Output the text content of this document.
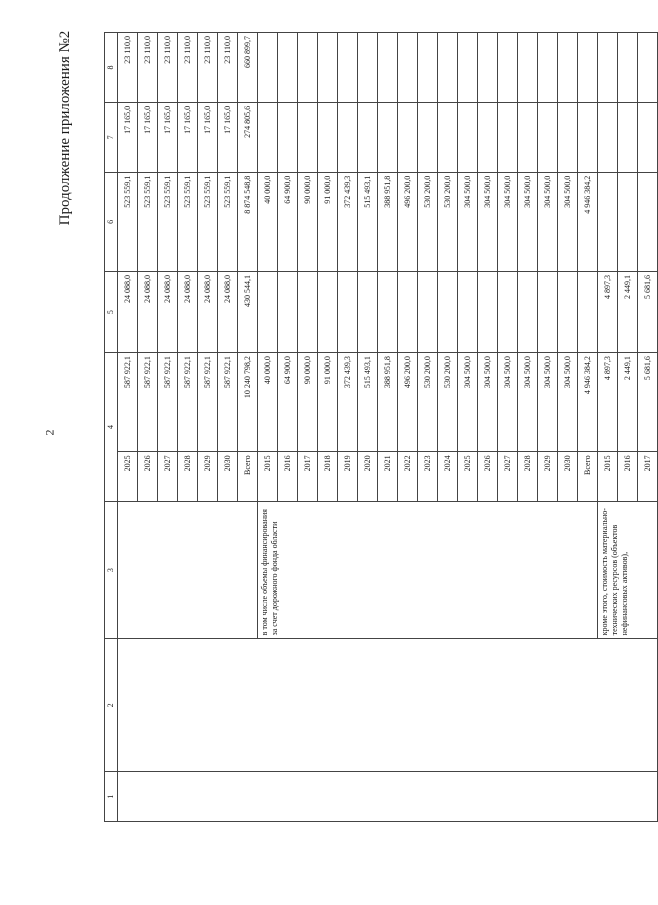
2
Продолжение приложения №2
1	2	3	4		5	6	7	8
			2025	587 922,1	24 088,0	523 559,1	17 165,0	23 110,0
			2026	587 922,1	24 088,0	523 559,1	17 165,0	23 110,0
			2027	587 922,1	24 088,0	523 559,1	17 165,0	23 110,0
			2028	587 922,1	24 088,0	523 559,1	17 165,0	23 110,0
			2029	587 922,1	24 088,0	523 559,1	17 165,0	23 110,0
			2030	587 922,1	24 088,0	523 559,1	17 165,0	23 110,0
			Всего	10 240 798,2	430 544,1	8 874 548,8	274 805,6	660 899,7
		в том числе объемы финансирования за счет дорожного фонда области	2015	40 000,0		40 000,0		
			2016	64 900,0		64 900,0		
			2017	90 000,0		90 000,0		
			2018	91 000,0		91 000,0		
			2019	372 439,3		372 439,3		
			2020	515 493,1		515 493,1		
			2021	388 951,8		388 951,8		
			2022	496 200,0		496 200,0		
			2023	530 200,0		530 200,0		
			2024	530 200,0		530 200,0		
			2025	304 500,0		304 500,0		
			2026	304 500,0		304 500,0		
			2027	304 500,0		304 500,0		
			2028	304 500,0		304 500,0		
			2029	304 500,0		304 500,0		
			2030	304 500,0		304 500,0		
			Всего	4 946 384,2		4 946 384,2		
		кроме этого, стоимость материально-технических ресурсов (объектов нефинансовых активов),	2015	4 897,3	4 897,3			
			2016	2 449,1	2 449,1			
			2017	5 681,6	5 681,6			
